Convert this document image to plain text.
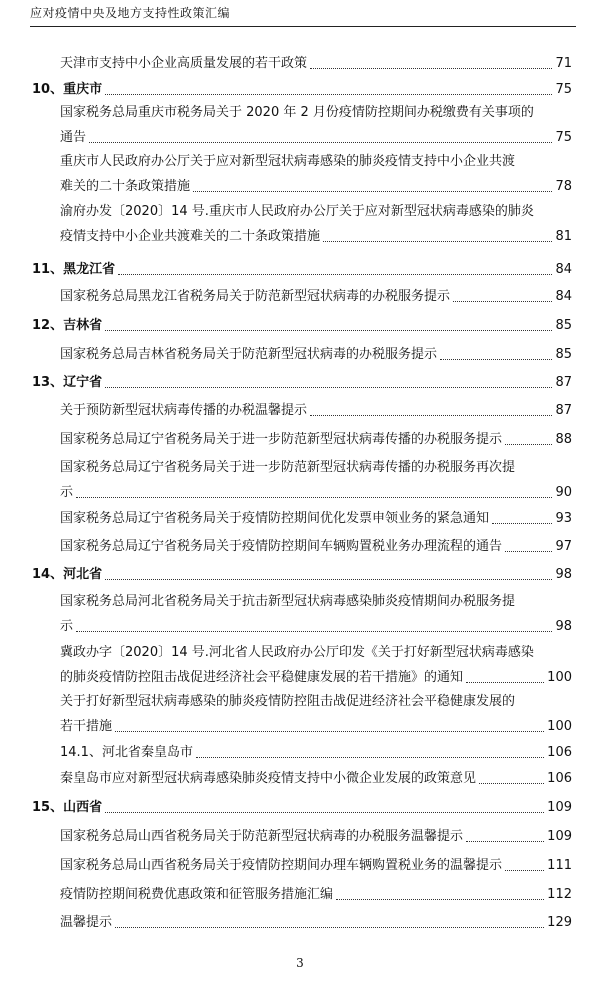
应对疫情中央及地方支持性政策汇编
天津市支持中小企业高质量发展的若干政策	71
10、重庆市	75
国家税务总局重庆市税务局关于 2020 年 2 月份疫情防控期间办税缴费有关事项的
通告	75
重庆市人民政府办公厅关于应对新型冠状病毒感染的肺炎疫情支持中小企业共渡
难关的二十条政策措施	78
渝府办发〔2020〕14 号.重庆市人民政府办公厅关于应对新型冠状病毒感染的肺炎
疫情支持中小企业共渡难关的二十条政策措施	81
11、黑龙江省	84
国家税务总局黑龙江省税务局关于防范新型冠状病毒的办税服务提示	84
12、吉林省	85
国家税务总局吉林省税务局关于防范新型冠状病毒的办税服务提示	85
13、辽宁省	87
关于预防新型冠状病毒传播的办税温馨提示	87
国家税务总局辽宁省税务局关于进一步防范新型冠状病毒传播的办税服务提示	88
国家税务总局辽宁省税务局关于进一步防范新型冠状病毒传播的办税服务再次提
示	90
国家税务总局辽宁省税务局关于疫情防控期间优化发票申领业务的紧急通知	93
国家税务总局辽宁省税务局关于疫情防控期间车辆购置税业务办理流程的通告	97
14、河北省	98
国家税务总局河北省税务局关于抗击新型冠状病毒感染肺炎疫情期间办税服务提
示	98
冀政办字〔2020〕14 号.河北省人民政府办公厅印发《关于打好新型冠状病毒感染
的肺炎疫情防控阻击战促进经济社会平稳健康发展的若干措施》的通知	100
关于打好新型冠状病毒感染的肺炎疫情防控阻击战促进经济社会平稳健康发展的
若干措施	100
14.1、河北省秦皇岛市	106
秦皇岛市应对新型冠状病毒感染肺炎疫情支持中小微企业发展的政策意见	106
15、山西省	109
国家税务总局山西省税务局关于防范新型冠状病毒的办税服务温馨提示	109
国家税务总局山西省税务局关于疫情防控期间办理车辆购置税业务的温馨提示	111
疫情防控期间税费优惠政策和征管服务措施汇编	112
温馨提示	129
3
